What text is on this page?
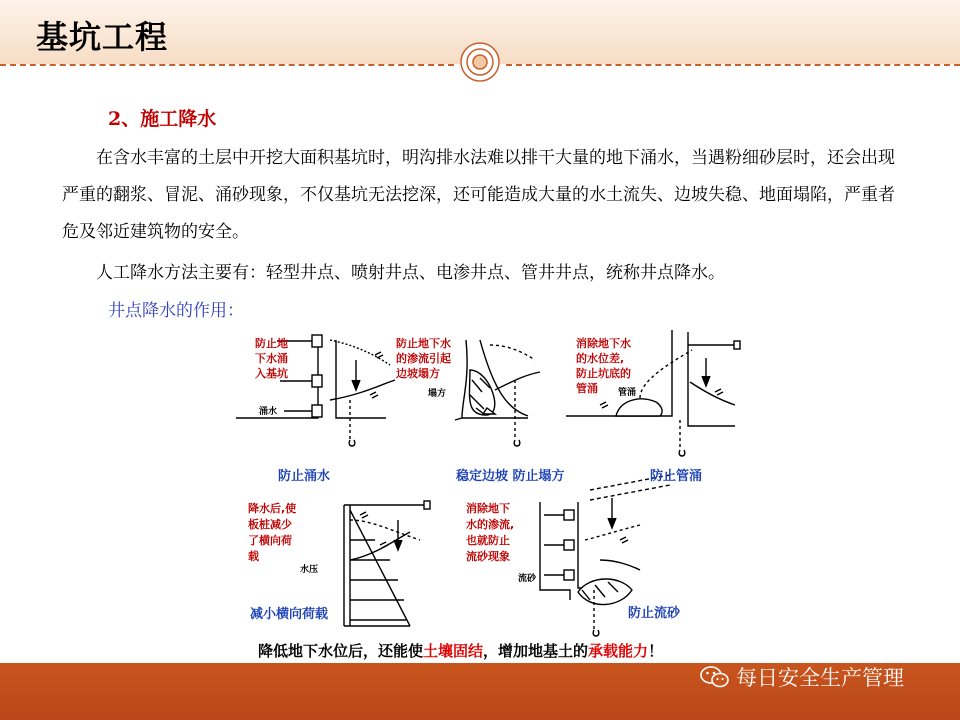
基坑工程
2、施工降水
　　在含水丰富的土层中开挖大面积基坑时，明沟排水法难以排干大量的地下涌水，当遇粉细砂层时，还会出现严重的翻浆、冒泥、涌砂现象，不仅基坑无法挖深，还可能造成大量的水土流失、边坡失稳、地面塌陷，严重者危及邻近建筑物的安全。
　　人工降水方法主要有：轻型井点、喷射井点、电渗井点、管井井点，统称井点降水。
井点降水的作用：
防止地
下水涌
入基坑
涌水
防止涌水
防止地下水
的渗流引起
边坡塌方
塌方
稳定边坡 防止塌方
消除地下水
的水位差,
防止坑底的
管涌 管涌
防止管涌
降水后,使
板桩减少
了横向荷
载
水压
减小横向荷载
消除地下
水的渗流,
也就防止
流砂现象
流砂
防止流砂
降低地下水位后，还能使土壤固结，增加地基土的承载能力！
每日安全生产管理
